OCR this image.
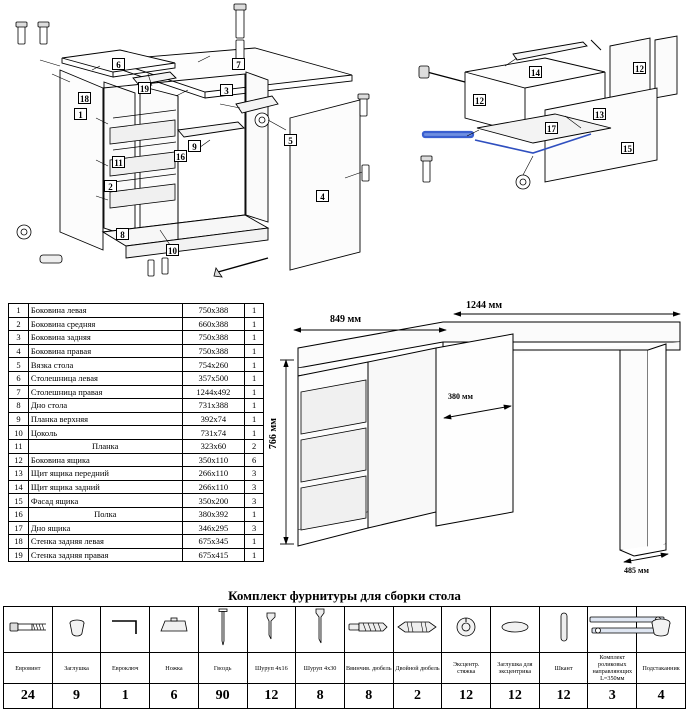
1
2
3
4
5
6	7
8
9
10
11
16
18
19
12
12
13
14
15
17
1	Боковина левая	750x388	1
2	Боковина средняя	660x388	1
3	Боковина задняя	750x388	1
4	Боковина правая	750x388	1
5	Вязка стола	754x260	1
6	Столешница левая	357x500	1
7	Столешница правая	1244x492	1
8	Дно стола	731x388	1
9	Планка верхняя	392x74	1
10	Цоколь	731x74	1
11	Планка	323x60	2
12	Боковина ящика	350x110	6
13	Щит ящика передний	266x110	3
14	Щит ящика задний	266x110	3
15	Фасад ящика	350x200	3
16	Полка	380x392	1
17	Дно ящика	346x295	3
18	Стенка задняя левая	675x345	1
19	Стенка задняя правая	675x415	1
1244 мм
849 мм
766 мм
380 мм
485 мм
Комплект фурнитуры для сборки стола

Евровинт	Заглушка	Евроключ	Ножка	Гвоздь	Шуруп 4x16	Шуруп 4x30	Ввинчив. дюбель	Двойной дюбель	Эксцентр. стяжка	Заглушка для эксцентрика	Шкант	Комплект роликовых направляющих L=350мм	Подстаканник
24	9	1	6	90	12	8	8	2	12	12	12	3	4
